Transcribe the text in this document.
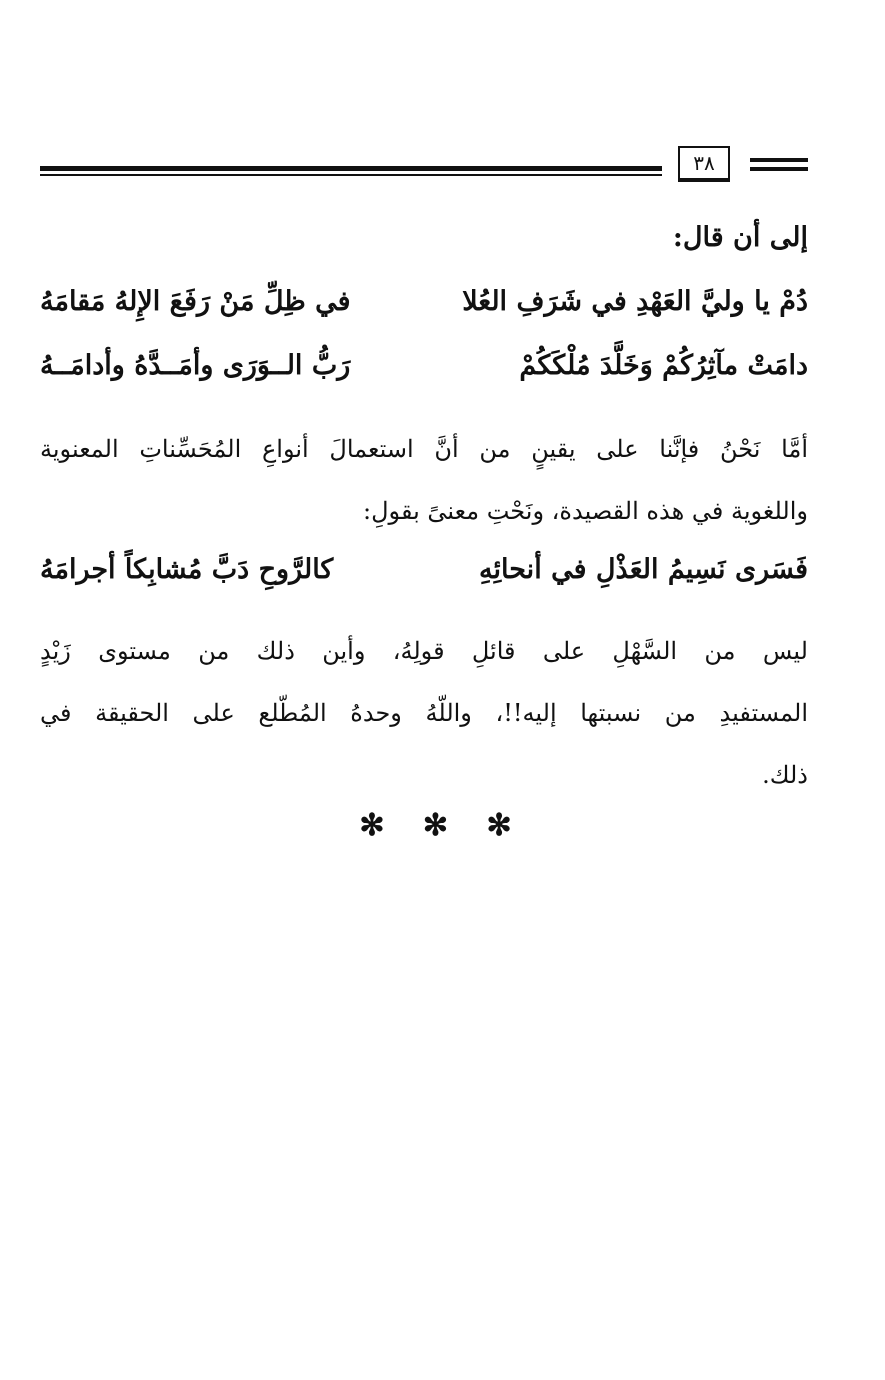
٣٨
إلى أن قال:
دُمْ يا وليَّ العَهْدِ في شَرَفِ العُلا
في ظِلِّ مَنْ رَفَعَ الإِلهُ مَقامَهُ
دامَتْ مآثِرُكُمْ وَخَلَّدَ مُلْكَكُمْ
رَبُّ الــوَرَى وأمَــدَّهُ وأدامَــهُ
أمَّا نَحْنُ فإنَّنا على يقينٍ من أنَّ استعمالَ أنواعِ المُحَسِّناتِ المعنوية
واللغوية في هذه القصيدة، ونَحْتِ معنىً بقولِ:
فَسَرى نَسِيمُ العَذْلِ في أنحائِهِ
كالرَّوحِ دَبَّ مُشابِكاً أجرامَهُ
ليس من السَّهْلِ على قائلِ قولِهُ، وأين ذلك من مستوى زَيْدٍ
المستفيدِ من نسبتها إليه!!، واللّهُ وحدهُ المُطّلع على الحقيقة في
ذلك.
✻ ✻ ✻
